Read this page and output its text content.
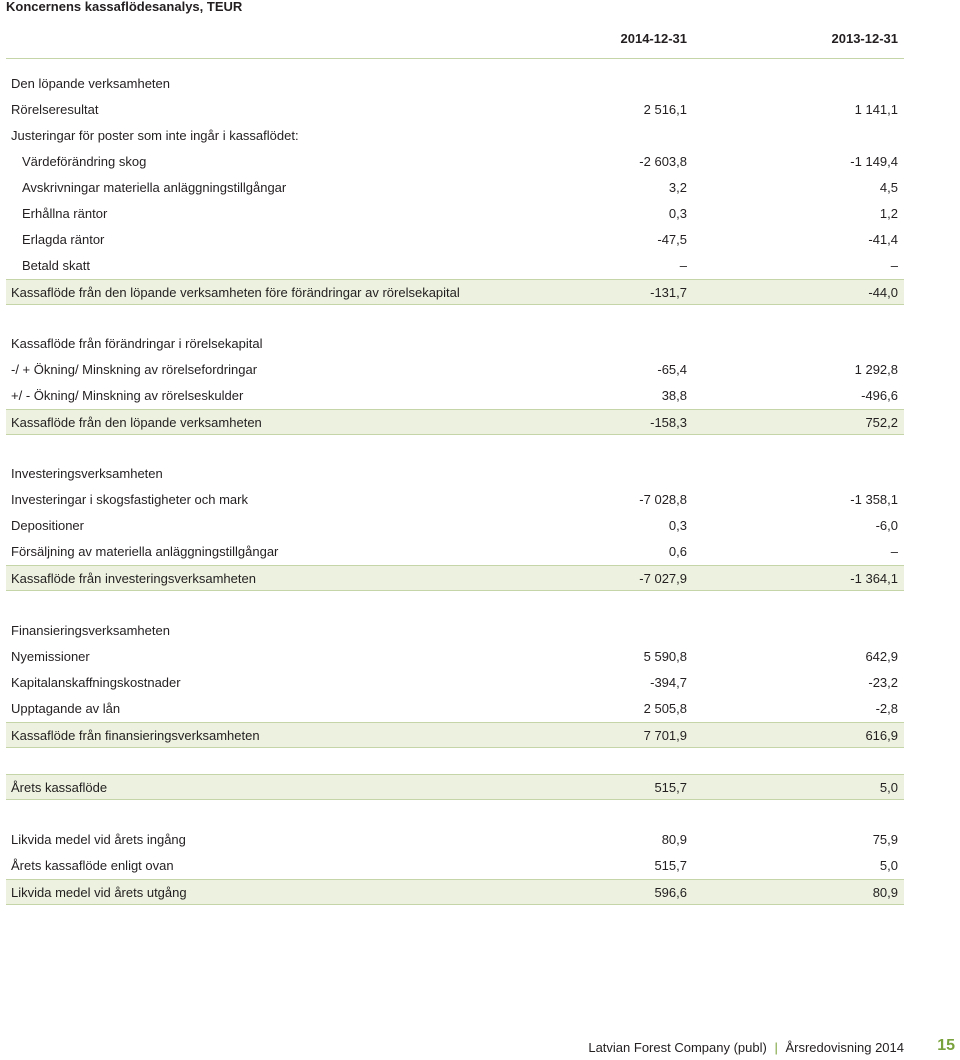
Koncernens kassaflödesanalys, TEUR
2014-12-31	2013-12-31
Den löpande verksamheten
Rörelseresultat	2 516,1	1 141,1
Justeringar för poster som inte ingår i kassaflödet:
Värdeförändring skog	-2 603,8	-1 149,4
Avskrivningar materiella anläggningstillgångar	3,2	4,5
Erhållna räntor	0,3	1,2
Erlagda räntor	-47,5	-41,4
Betald skatt	–	–
Kassaflöde från den löpande verksamheten före förändringar av rörelsekapital	-131,7	-44,0
Kassaflöde från förändringar i rörelsekapital
-/ + Ökning/ Minskning av rörelsefordringar	-65,4	1 292,8
+/ - Ökning/ Minskning av rörelseskulder	38,8	-496,6
Kassaflöde från den löpande verksamheten	-158,3	752,2
Investeringsverksamheten
Investeringar i skogsfastigheter och mark	-7 028,8	-1 358,1
Depositioner	0,3	-6,0
Försäljning av materiella anläggningstillgångar	0,6	–
Kassaflöde från investeringsverksamheten	-7 027,9	-1 364,1
Finansieringsverksamheten
Nyemissioner	5 590,8	642,9
Kapitalanskaffningskostnader	-394,7	-23,2
Upptagande av lån	2 505,8	-2,8
Kassaflöde från finansieringsverksamheten	7 701,9	616,9
Årets kassaflöde	515,7	5,0
Likvida medel vid årets ingång	80,9	75,9
Årets kassaflöde enligt ovan	515,7	5,0
Likvida medel vid årets utgång	596,6	80,9
Latvian Forest Company (publ) | Årsredovisning 2014 15
